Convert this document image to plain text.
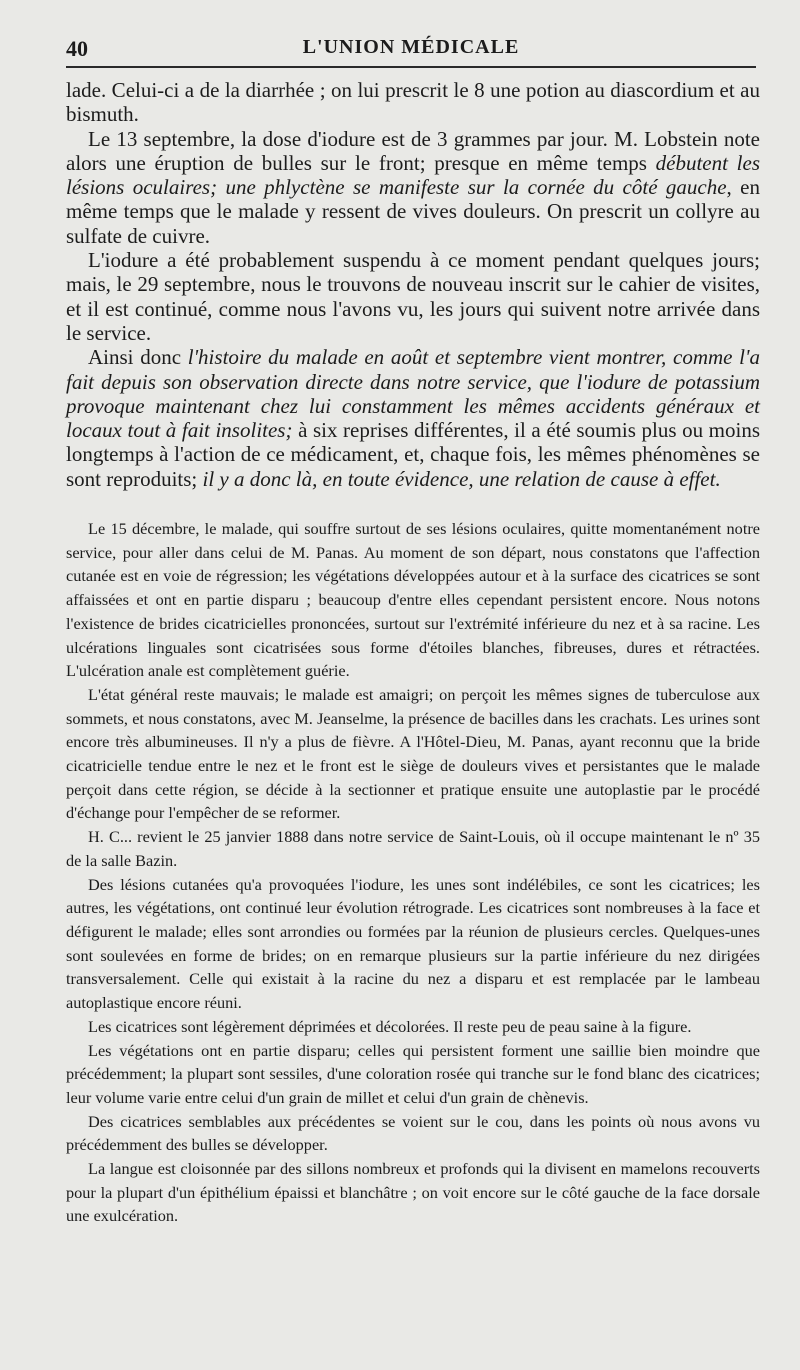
40	L'UNION MÉDICALE

lade. Celui-ci a de la diarrhée ; on lui prescrit le 8 une potion au diascordium et au bismuth.

Le 13 septembre, la dose d'iodure est de 3 grammes par jour. M. Lobstein note alors une éruption de bulles sur le front; presque en même temps débutent les lésions oculaires; une phlyctène se manifeste sur la cornée du côté gauche, en même temps que le malade y ressent de vives douleurs. On prescrit un collyre au sulfate de cuivre.

L'iodure a été probablement suspendu à ce moment pendant quelques jours; mais, le 29 septembre, nous le trouvons de nouveau inscrit sur le cahier de visites, et il est continué, comme nous l'avons vu, les jours qui suivent notre arrivée dans le service.

Ainsi donc l'histoire du malade en août et septembre vient montrer, comme l'a fait depuis son observation directe dans notre service, que l'iodure de potassium provoque maintenant chez lui constamment les mêmes accidents généraux et locaux tout à fait insolites; à six reprises différentes, il a été soumis plus ou moins longtemps à l'action de ce médicament, et, chaque fois, les mêmes phénomènes se sont reproduits; il y a donc là, en toute évidence, une relation de cause à effet.

Le 15 décembre, le malade, qui souffre surtout de ses lésions oculaires, quitte momentanément notre service, pour aller dans celui de M. Panas. Au moment de son départ, nous constatons que l'affection cutanée est en voie de régression; les végétations développées autour et à la surface des cicatrices se sont affaissées et ont en partie disparu ; beaucoup d'entre elles cependant persistent encore. Nous notons l'existence de brides cicatricielles prononcées, surtout sur l'extrémité inférieure du nez et à sa racine. Les ulcérations linguales sont cicatrisées sous forme d'étoiles blanches, fibreuses, dures et rétractées. L'ulcération anale est complètement guérie.

L'état général reste mauvais; le malade est amaigri; on perçoit les mêmes signes de tuberculose aux sommets, et nous constatons, avec M. Jeanselme, la présence de bacilles dans les crachats. Les urines sont encore très albumineuses. Il n'y a plus de fièvre. A l'Hôtel-Dieu, M. Panas, ayant reconnu que la bride cicatricielle tendue entre le nez et le front est le siège de douleurs vives et persistantes que le malade perçoit dans cette région, se décide à la sectionner et pratique ensuite une autoplastie par le procédé d'échange pour l'empêcher de se reformer.

H. C... revient le 25 janvier 1888 dans notre service de Saint-Louis, où il occupe maintenant le nº 35 de la salle Bazin.

Des lésions cutanées qu'a provoquées l'iodure, les unes sont indélébiles, ce sont les cicatrices; les autres, les végétations, ont continué leur évolution rétrograde. Les cicatrices sont nombreuses à la face et défigurent le malade; elles sont arrondies ou formées par la réunion de plusieurs cercles. Quelques-unes sont soulevées en forme de brides; on en remarque plusieurs sur la partie inférieure du nez dirigées transversalement. Celle qui existait à la racine du nez a disparu et est remplacée par le lambeau autoplastique encore réuni.

Les cicatrices sont légèrement déprimées et décolorées. Il reste peu de peau saine à la figure.

Les végétations ont en partie disparu; celles qui persistent forment une saillie bien moindre que précédemment; la plupart sont sessiles, d'une coloration rosée qui tranche sur le fond blanc des cicatrices; leur volume varie entre celui d'un grain de millet et celui d'un grain de chènevis.

Des cicatrices semblables aux précédentes se voient sur le cou, dans les points où nous avons vu précédemment des bulles se développer.

La langue est cloisonnée par des sillons nombreux et profonds qui la divisent en mamelons recouverts pour la plupart d'un épithélium épaissi et blanchâtre ; on voit encore sur le côté gauche de la face dorsale une exulcération.
